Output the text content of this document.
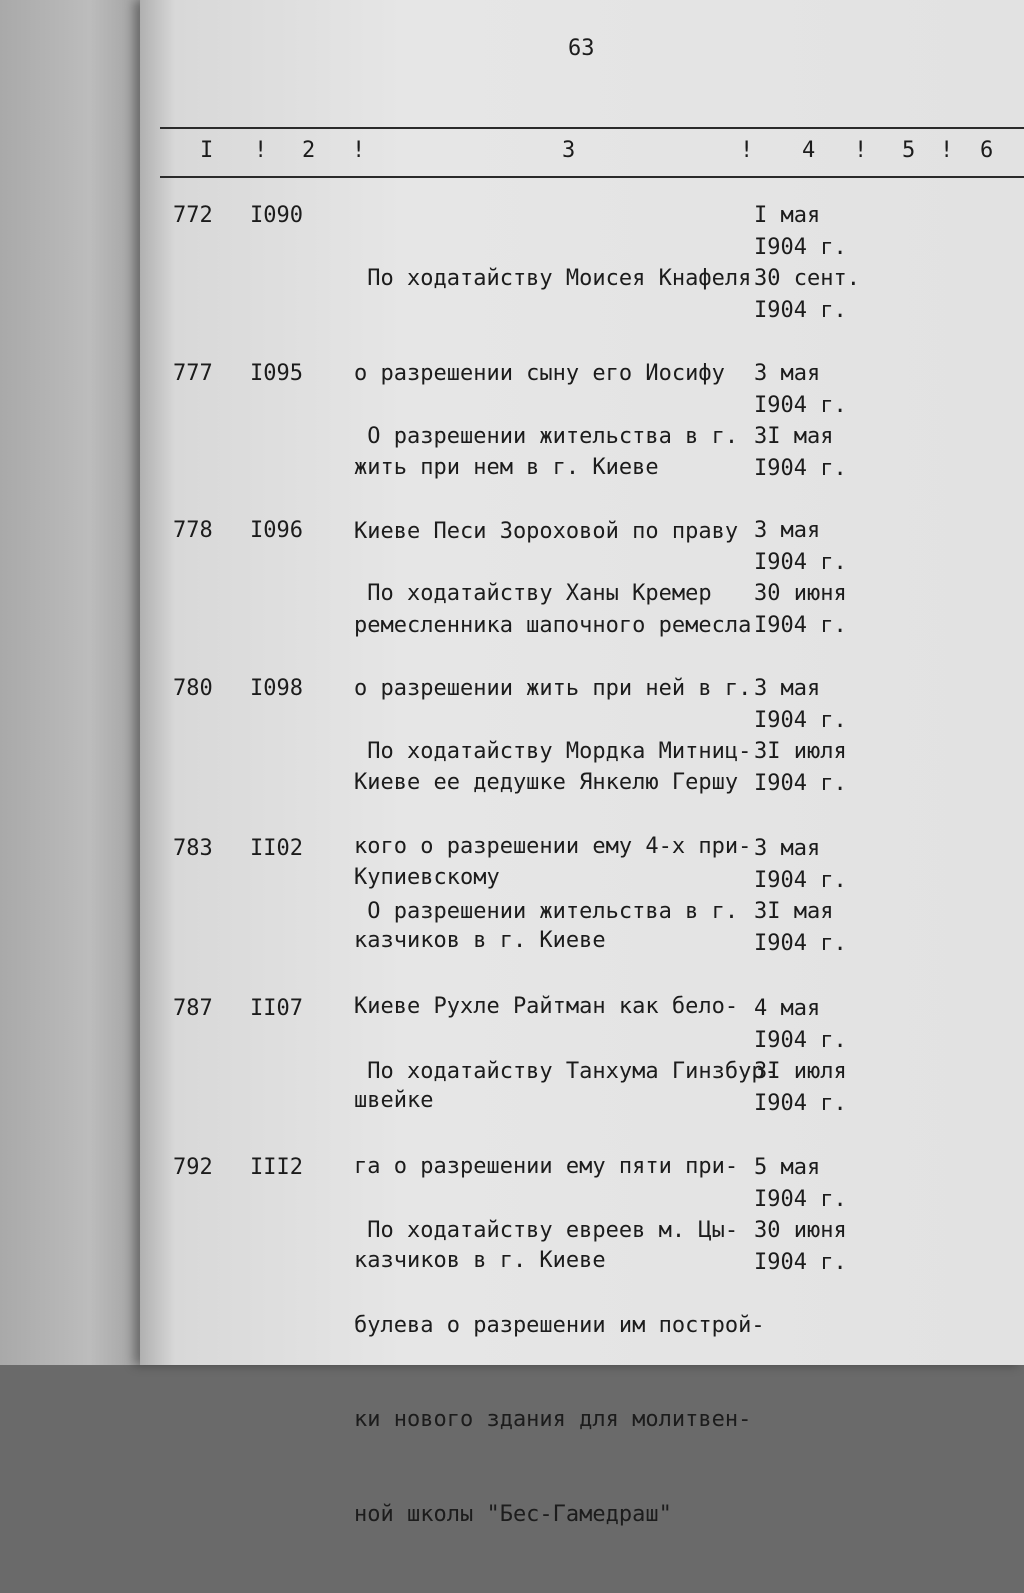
63
I ! 2 !	3	! 4 ! 5 ! 6
772 I090

По ходатайству Моисея Кнафеля

о разрешении сыну его Иосифу

жить при нем в г. Киеве

I мая
I904 г.
30 сент.
I904 г.
777 I095

О разрешении жительства в г.

Киеве Песи Зороховой по праву

ремесленника шапочного ремесла

3 мая
I904 г.
3I мая
I904 г.
778 I096

По ходатайству Ханы Кремер

о разрешении жить при ней в г.

Киеве ее дедушке Янкелю Гершу

Купиевскому

3 мая
I904 г.
30 июня
I904 г.
780 I098

По ходатайству Мордка Митниц-

кого о разрешении ему 4-х при-

казчиков в г. Киеве

3 мая
I904 г.
3I июля
I904 г.
783 II02

О разрешении жительства в г.

Киеве Рухле Райтман как бело-

швейке

3 мая
I904 г.
3I мая
I904 г.
787 II07

По ходатайству Танхума Гинзбур-

га о разрешении ему пяти при-

казчиков в г. Киеве

4 мая
I904 г.
3I июля
I904 г.
792 III2

По ходатайству евреев м. Цы-

булева о разрешении им построй-

ки нового здания для молитвен-

ной школы "Бес-Гамедраш"

5 мая
I904 г.
30 июня
I904 г.
